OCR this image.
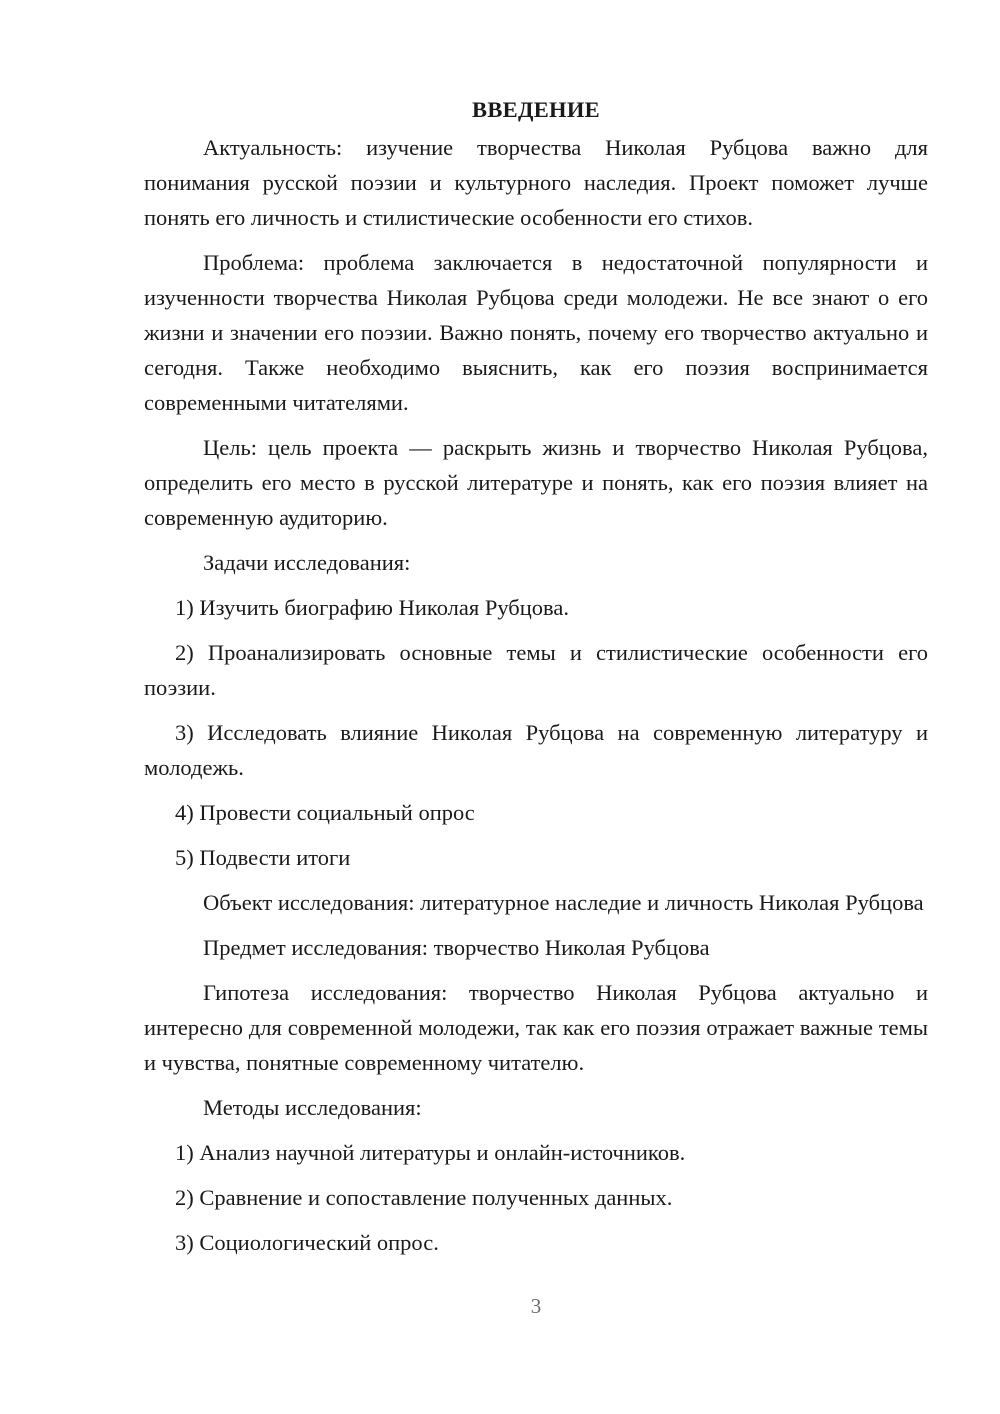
ВВЕДЕНИЕ

Актуальность: изучение творчества Николая Рубцова важно для понимания русской поэзии и культурного наследия. Проект поможет лучше понять его личность и стилистические особенности его стихов.

Проблема: проблема заключается в недостаточной популярности и изученности творчества Николая Рубцова среди молодежи. Не все знают о его жизни и значении его поэзии. Важно понять, почему его творчество актуально и сегодня. Также необходимо выяснить, как его поэзия воспринимается современными читателями.

Цель: цель проекта — раскрыть жизнь и творчество Николая Рубцова, определить его место в русской литературе и понять, как его поэзия влияет на современную аудиторию.

Задачи исследования:

1) Изучить биографию Николая Рубцова.

2) Проанализировать основные темы и стилистические особенности его поэзии.

3) Исследовать влияние Николая Рубцова на современную литературу и молодежь.

4) Провести социальный опрос

5) Подвести итоги

Объект исследования: литературное наследие и личность Николая Рубцова

Предмет исследования: творчество Николая Рубцова

Гипотеза исследования: творчество Николая Рубцова актуально и интересно для современной молодежи, так как его поэзия отражает важные темы и чувства, понятные современному читателю.

Методы исследования:

1) Анализ научной литературы и онлайн-источников.

2) Сравнение и сопоставление полученных данных.

3) Социологический опрос.

3
